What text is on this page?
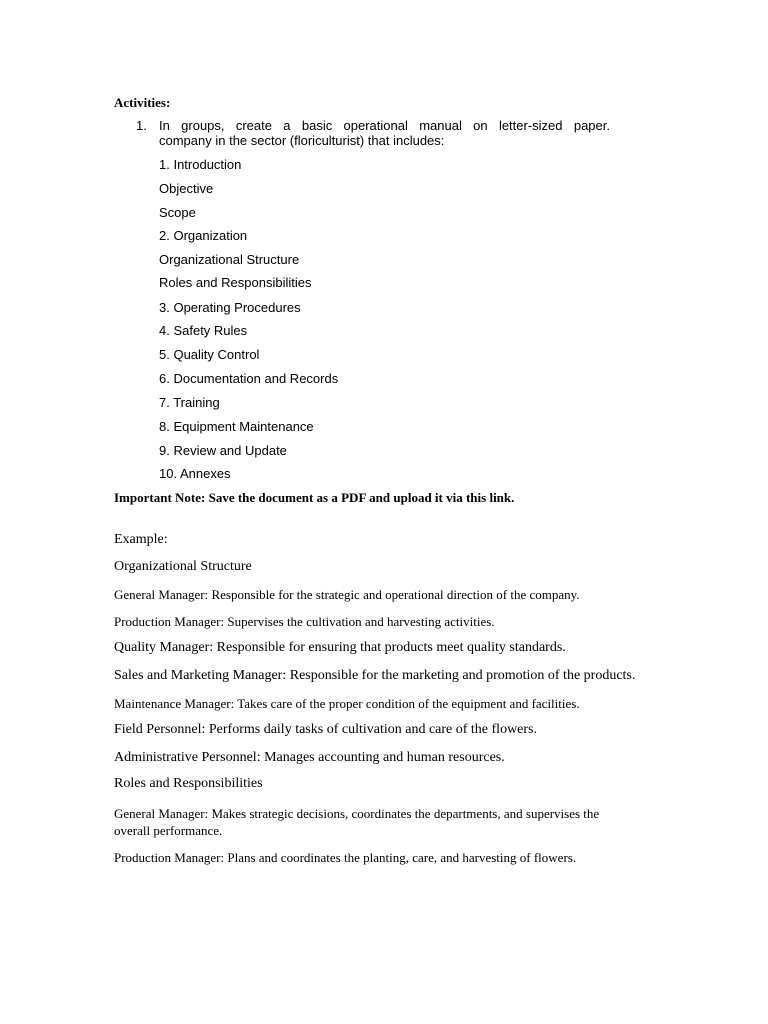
Activities:
1. In groups, create a basic operational manual on letter-sized paper.
company in the sector (floriculturist) that includes:
1. Introduction
Objective
Scope
2. Organization
Organizational Structure
Roles and Responsibilities
3. Operating Procedures
4. Safety Rules
5. Quality Control
6. Documentation and Records
7. Training
8. Equipment Maintenance
9. Review and Update
10. Annexes
Important Note: Save the document as a PDF and upload it via this link.
Example:
Organizational Structure
General Manager: Responsible for the strategic and operational direction of the company.
Production Manager: Supervises the cultivation and harvesting activities.
Quality Manager: Responsible for ensuring that products meet quality standards.
Sales and Marketing Manager: Responsible for the marketing and promotion of the products.
Maintenance Manager: Takes care of the proper condition of the equipment and facilities.
Field Personnel: Performs daily tasks of cultivation and care of the flowers.
Administrative Personnel: Manages accounting and human resources.
Roles and Responsibilities
General Manager: Makes strategic decisions, coordinates the departments, and supervises the overall performance.
Production Manager: Plans and coordinates the planting, care, and harvesting of flowers.
